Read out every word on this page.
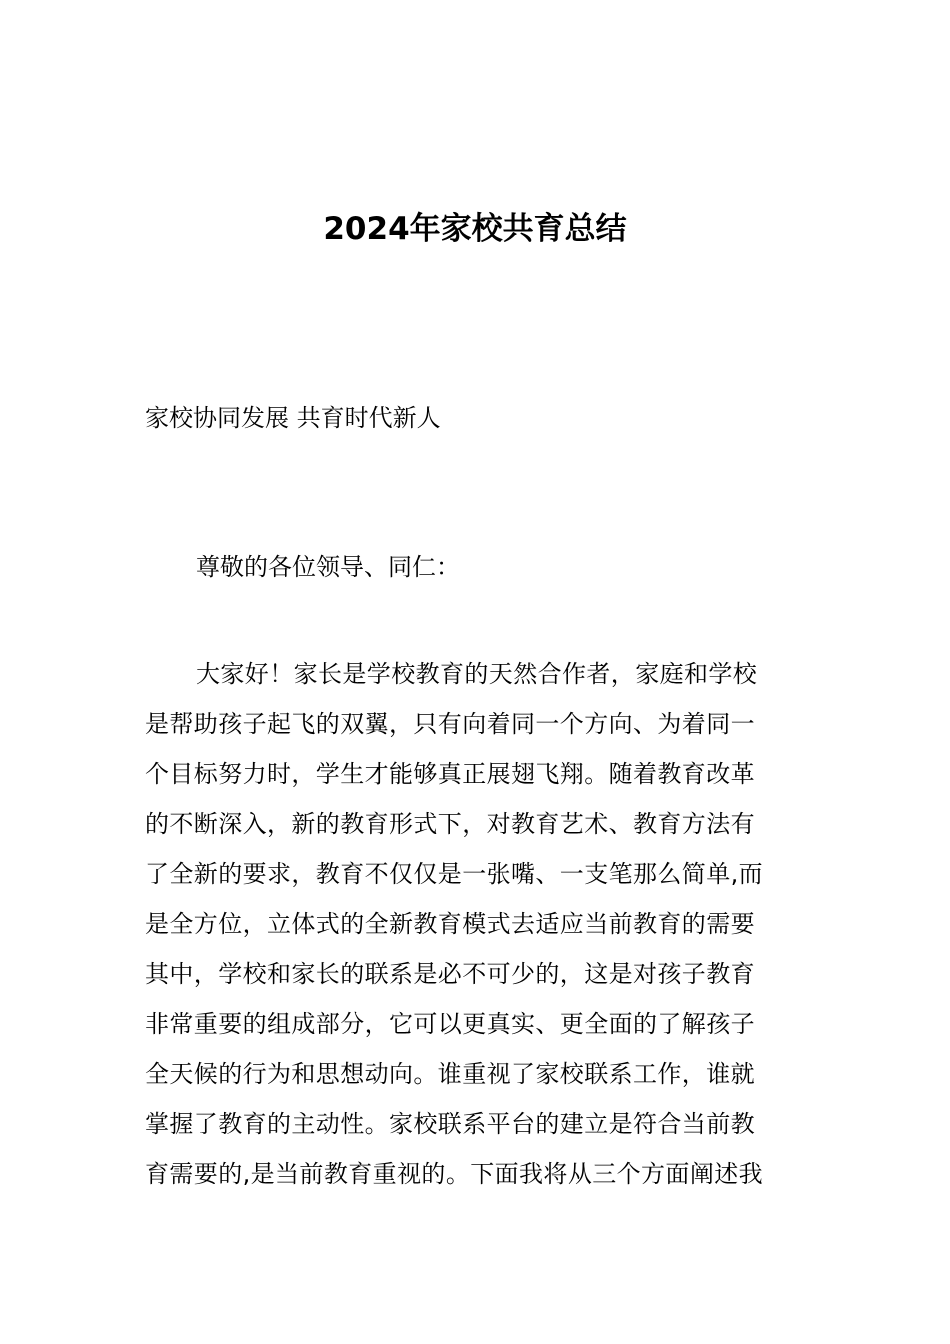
2024年家校共育总结

家校协同发展 共育时代新人

尊敬的各位领导、同仁：

大家好！家长是学校教育的天然合作者，家庭和学校
是帮助孩子起飞的双翼，只有向着同一个方向、为着同一
个目标努力时，学生才能够真正展翅飞翔。随着教育改革
的不断深入，新的教育形式下，对教育艺术、教育方法有
了全新的要求，教育不仅仅是一张嘴、一支笔那么简单,而
是全方位，立体式的全新教育模式去适应当前教育的需要
其中，学校和家长的联系是必不可少的，这是对孩子教育
非常重要的组成部分，它可以更真实、更全面的了解孩子
全天候的行为和思想动向。谁重视了家校联系工作，谁就
掌握了教育的主动性。家校联系平台的建立是符合当前教
育需要的,是当前教育重视的。下面我将从三个方面阐述我
